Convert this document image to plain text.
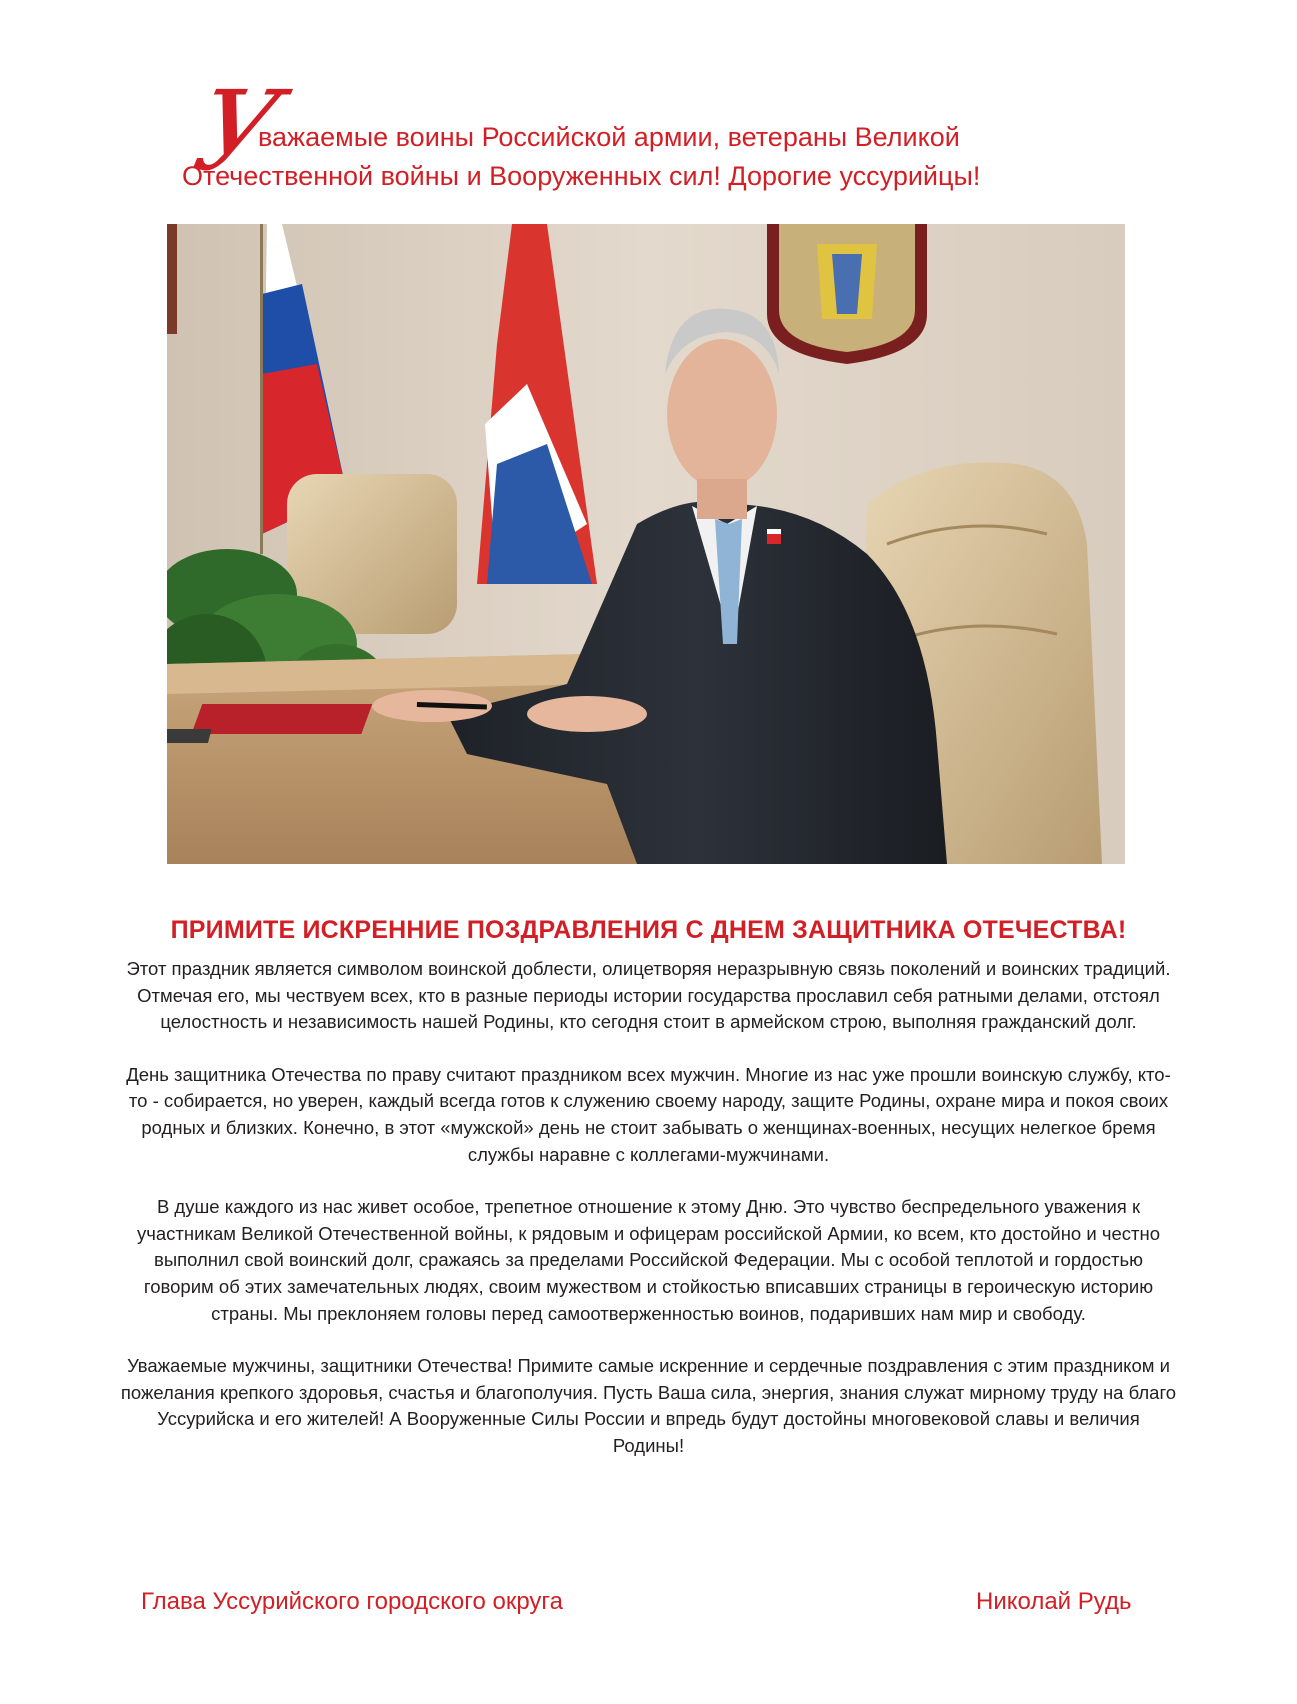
У
важаемые воины Российской армии, ветераны Великой
Отечественной войны и Вооруженных сил! Дорогие уссурийцы!
ПРИМИТЕ ИСКРЕННИЕ ПОЗДРАВЛЕНИЯ С ДНЕМ ЗАЩИТНИКА ОТЕЧЕСТВА!

Этот праздник является символом воинской доблести, олицетворяя неразрывную связь поколений и воинских традиций. Отмечая его, мы чествуем всех, кто в разные периоды истории государства прославил себя ратными делами, отстоял целостность и независимость нашей Родины, кто сегодня стоит в армейском строю, выполняя гражданский долг.

День защитника Отечества по праву считают праздником всех мужчин. Многие из нас уже прошли воинскую службу, кто-то - собирается, но уверен, каждый всегда готов к служению своему народу, защите Родины, охране мира и покоя своих родных и близких. Конечно, в этот «мужской» день не стоит забывать о женщинах-военных, несущих нелегкое бремя службы наравне с коллегами-мужчинами.

В душе каждого из нас живет особое, трепетное отношение к этому Дню. Это чувство беспредельного уважения к участникам Великой Отечественной войны, к рядовым и офицерам российской Армии, ко всем, кто достойно и честно выполнил свой воинский долг, сражаясь за пределами Российской Федерации. Мы с особой теплотой и гордостью говорим об этих замечательных людях, своим мужеством и стойкостью вписавших страницы в героическую историю страны. Мы преклоняем головы перед самоотверженностью воинов, подаривших нам мир и свободу.

Уважаемые мужчины, защитники Отечества! Примите самые искренние и сердечные поздравления с этим праздником и пожелания крепкого здоровья, счастья и благополучия. Пусть Ваша сила, энергия, знания служат мирному труду на благо Уссурийска и его жителей! А Вооруженные Силы России и впредь будут достойны многовековой славы и величия Родины!

Глава Уссурийского городского округа	Николай Рудь
